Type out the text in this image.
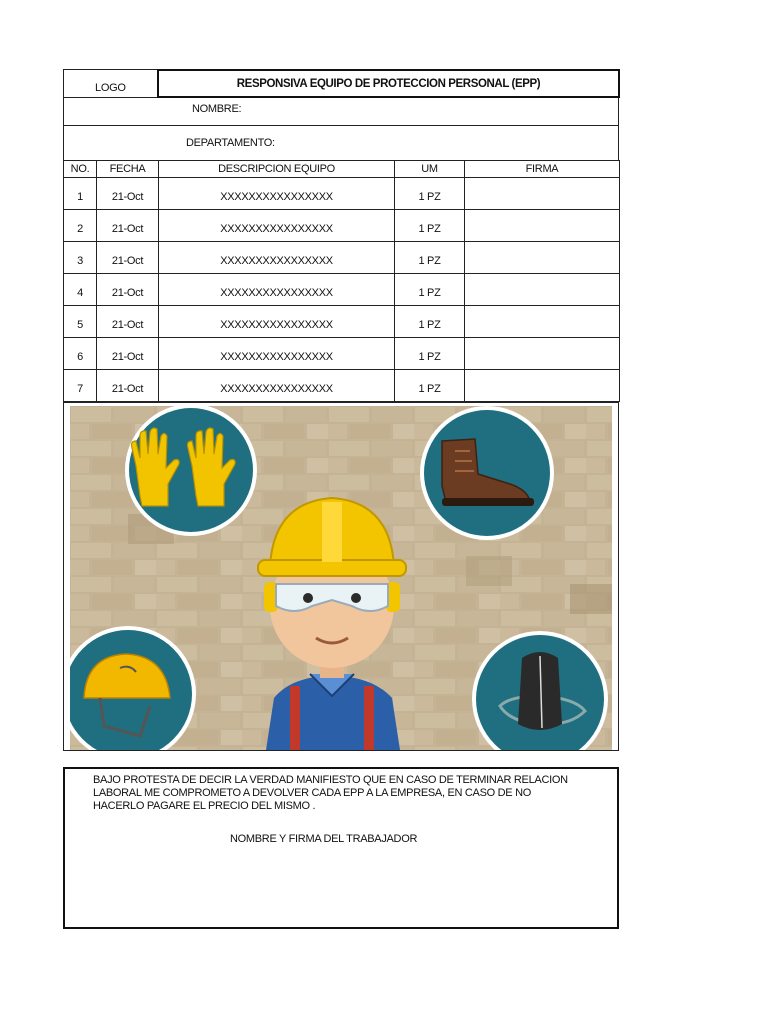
LOGO	RESPONSIVA EQUIPO DE PROTECCION PERSONAL (EPP)
NOMBRE:
DEPARTAMENTO:
NO.	FECHA	DESCRIPCION EQUIPO	UM	FIRMA
1	21-Oct	XXXXXXXXXXXXXXXX	1 PZ	
2	21-Oct	XXXXXXXXXXXXXXXX	1 PZ	
3	21-Oct	XXXXXXXXXXXXXXXX	1 PZ	
4	21-Oct	XXXXXXXXXXXXXXXX	1 PZ	
5	21-Oct	XXXXXXXXXXXXXXXX	1 PZ	
6	21-Oct	XXXXXXXXXXXXXXXX	1 PZ	
7	21-Oct	XXXXXXXXXXXXXXXX	1 PZ	
BAJO PROTESTA DE DECIR LA VERDAD MANIFIESTO QUE EN CASO DE TERMINAR RELACION
LABORAL ME COMPROMETO A DEVOLVER CADA EPP A LA EMPRESA, EN CASO DE NO
HACERLO PAGARE EL PRECIO DEL MISMO .
NOMBRE Y FIRMA DEL TRABAJADOR
